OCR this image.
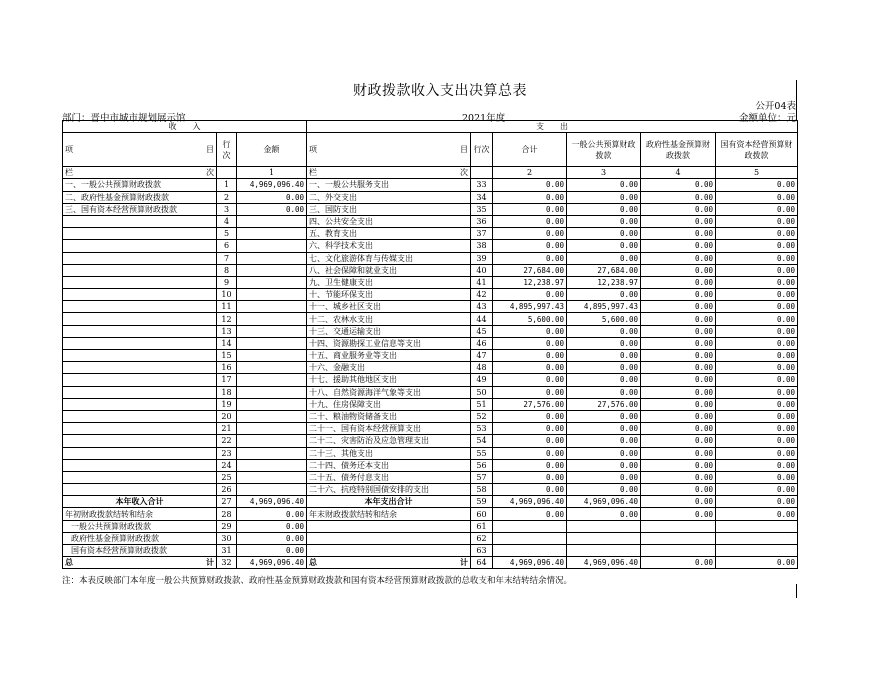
财政拨款收入支出决算总表
公开04表
部门：晋中市城市规划展示馆	2021年度	金额单位：元
收　　入			支　　出					

项 目	行次	金额	项 目	行次	合计	一般公共预算财政拨款	政府性基金预算财政拨款	国有资本经营预算财政拨款

栏 次		1	栏 次		2	3	4	5
一、一般公共预算财政拨款	1	4,969,096.40	一、一般公共服务支出	33	0.00	0.00	0.00	0.00
二、政府性基金预算财政拨款	2	0.00	二、外交支出	34	0.00	0.00	0.00	0.00
三、国有资本经营预算财政拨款	3	0.00	三、国防支出	35	0.00	0.00	0.00	0.00
	4		四、公共安全支出	36	0.00	0.00	0.00	0.00
	5		五、教育支出	37	0.00	0.00	0.00	0.00
	6		六、科学技术支出	38	0.00	0.00	0.00	0.00
	7		七、文化旅游体育与传媒支出	39	0.00	0.00	0.00	0.00
	8		八、社会保障和就业支出	40	27,684.00	27,684.00	0.00	0.00
	9		九、卫生健康支出	41	12,238.97	12,238.97	0.00	0.00
	10		十、节能环保支出	42	0.00	0.00	0.00	0.00
	11		十一、城乡社区支出	43	4,895,997.43	4,895,997.43	0.00	0.00
	12		十二、农林水支出	44	5,600.00	5,600.00	0.00	0.00
	13		十三、交通运输支出	45	0.00	0.00	0.00	0.00
	14		十四、资源勘探工业信息等支出	46	0.00	0.00	0.00	0.00
	15		十五、商业服务业等支出	47	0.00	0.00	0.00	0.00
	16		十六、金融支出	48	0.00	0.00	0.00	0.00
	17		十七、援助其他地区支出	49	0.00	0.00	0.00	0.00
	18		十八、自然资源海洋气象等支出	50	0.00	0.00	0.00	0.00
	19		十九、住房保障支出	51	27,576.00	27,576.00	0.00	0.00
	20		二十、粮油物资储备支出	52	0.00	0.00	0.00	0.00
	21		二十一、国有资本经营预算支出	53	0.00	0.00	0.00	0.00
	22		二十二、灾害防治及应急管理支出	54	0.00	0.00	0.00	0.00
	23		二十三、其他支出	55	0.00	0.00	0.00	0.00
	24		二十四、债务还本支出	56	0.00	0.00	0.00	0.00
	25		二十五、债务付息支出	57	0.00	0.00	0.00	0.00
	26		二十六、抗疫特别国债安排的支出	58	0.00	0.00	0.00	0.00
本年收入合计	27	4,969,096.40	本年支出合计	59	4,969,096.40	4,969,096.40	0.00	0.00
年初财政拨款结转和结余	28	0.00	年末财政拨款结转和结余	60	0.00	0.00	0.00	0.00
一般公共预算财政拨款	29	0.00		61				
政府性基金预算财政拨款	30	0.00		62				
国有资本经营预算财政拨款	31	0.00		63				

总 计	32	4,969,096.40	总 计	64	4,969,096.40	4,969,096.40	0.00	0.00
注：本表反映部门本年度一般公共预算财政拨款、政府性基金预算财政拨款和国有资本经营预算财政拨款的总收支和年末结转结余情况。
